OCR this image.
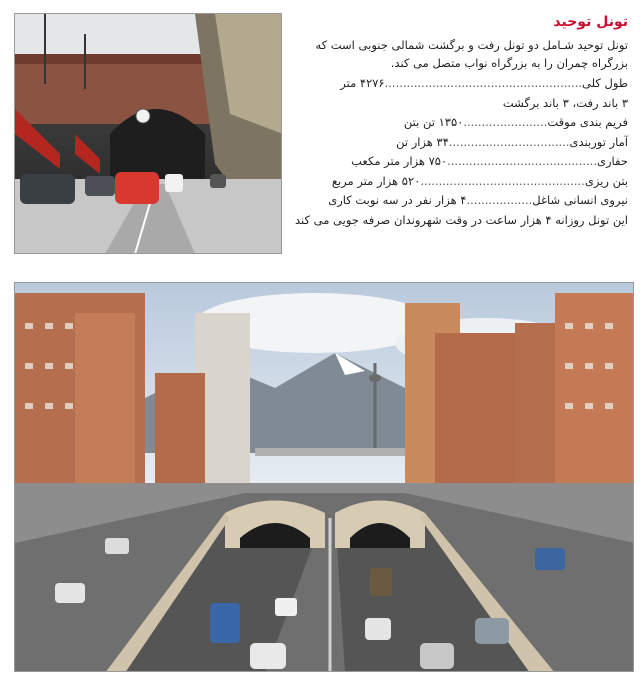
تونل توحید
تونل توحید شـامل دو تونل رفت و برگشت شمالی جنوبی است که بزرگراه چمران را به بزرگراه نواب متصل می کند.
طول کلی......................................................۴۲۷۶ متر
۳ باند رفت، ۳ باند برگشت
فریم بندی موقت.......................۱۳۵۰ تن بتن
آمار توربندی.................................۳۴ هزار تن
حفاری.........................................۷۵۰ هزار متر مکعب
بتن ریزی.............................................۵۲۰ هزار متر مربع
نیروی انسانی شاغل..................۴ هزار نفر در سه نوبت کاری
این تونل روزانه ۴ هزار ساعت در وقت شهروندان صرفه جویی می کند
